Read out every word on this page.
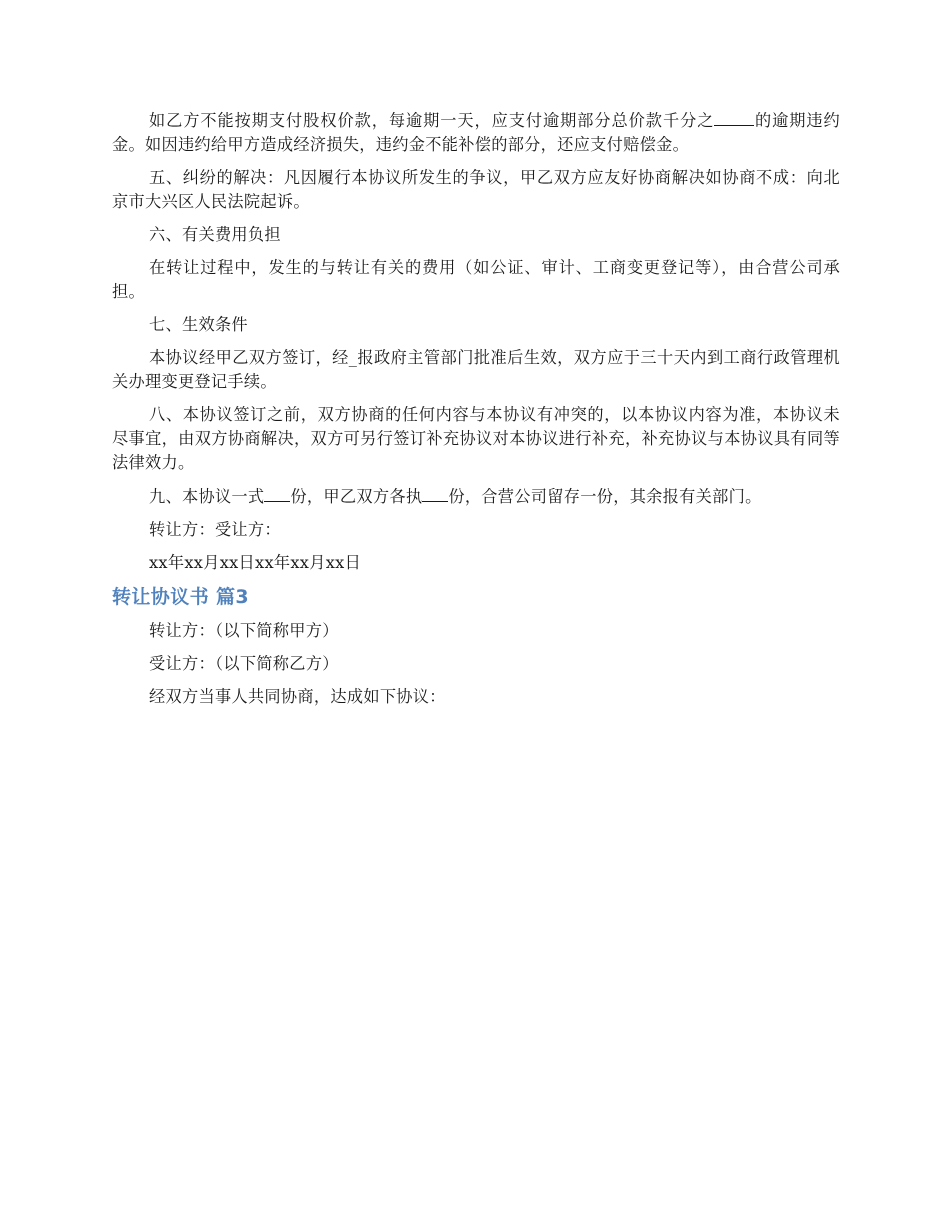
如乙方不能按期支付股权价款，每逾期一天，应支付逾期部分总价款千分之 的逾期违约金。如因违约给甲方造成经济损失，违约金不能补偿的部分，还应支付赔偿金。

五、纠纷的解决：凡因履行本协议所发生的争议，甲乙双方应友好协商解决如协商不成：向北京市大兴区人民法院起诉。

六、有关费用负担

在转让过程中，发生的与转让有关的费用（如公证、审计、工商变更登记等），由合营公司承担。

七、生效条件

本协议经甲乙双方签订，经_报政府主管部门批准后生效，双方应于三十天内到工商行政管理机关办理变更登记手续。

八、本协议签订之前，双方协商的任何内容与本协议有冲突的，以本协议内容为准，本协议未尽事宜，由双方协商解决，双方可另行签订补充协议对本协议进行补充，补充协议与本协议具有同等法律效力。

九、本协议一式 份，甲乙双方各执 份，合营公司留存一份，其余报有关部门。

转让方：受让方：

xx年xx月xx日xx年xx月xx日

转让协议书 篇3

转让方：（以下简称甲方）

受让方：（以下简称乙方）

经双方当事人共同协商，达成如下协议：
